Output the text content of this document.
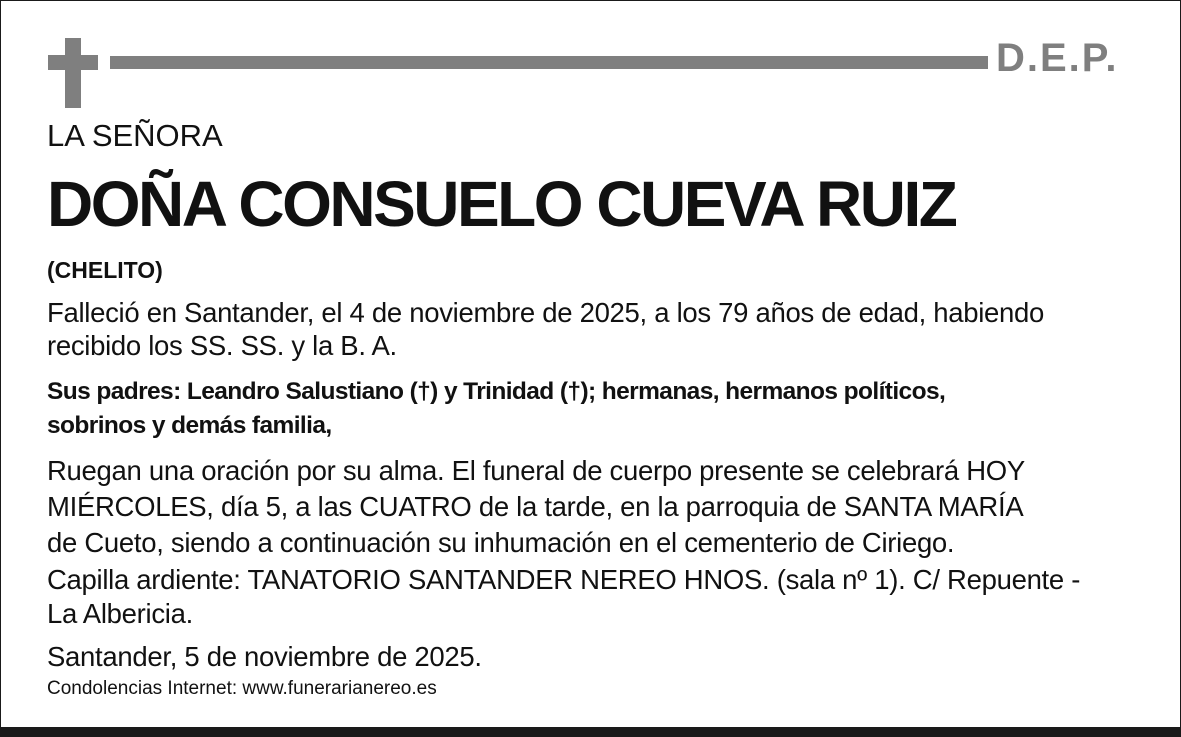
D.E.P.

LA SEÑORA

DOÑA CONSUELO CUEVA RUIZ

(CHELITO)

Falleció en Santander, el 4 de noviembre de 2025, a los 79 años de edad, habiendo

recibido los SS. SS. y la B. A.

Sus padres: Leandro Salustiano (†) y Trinidad (†); hermanas, hermanos políticos,

sobrinos y demás familia,

Ruegan una oración por su alma. El funeral de cuerpo presente se celebrará HOY

MIÉRCOLES, día 5, a las CUATRO de la tarde, en la parroquia de SANTA MARÍA

de Cueto, siendo a continuación su inhumación en el cementerio de Ciriego.

Capilla ardiente: TANATORIO SANTANDER NEREO HNOS. (sala nº 1). C/ Repuente -

La Albericia.

Santander, 5 de noviembre de 2025.

Condolencias Internet: www.funerarianereo.es
